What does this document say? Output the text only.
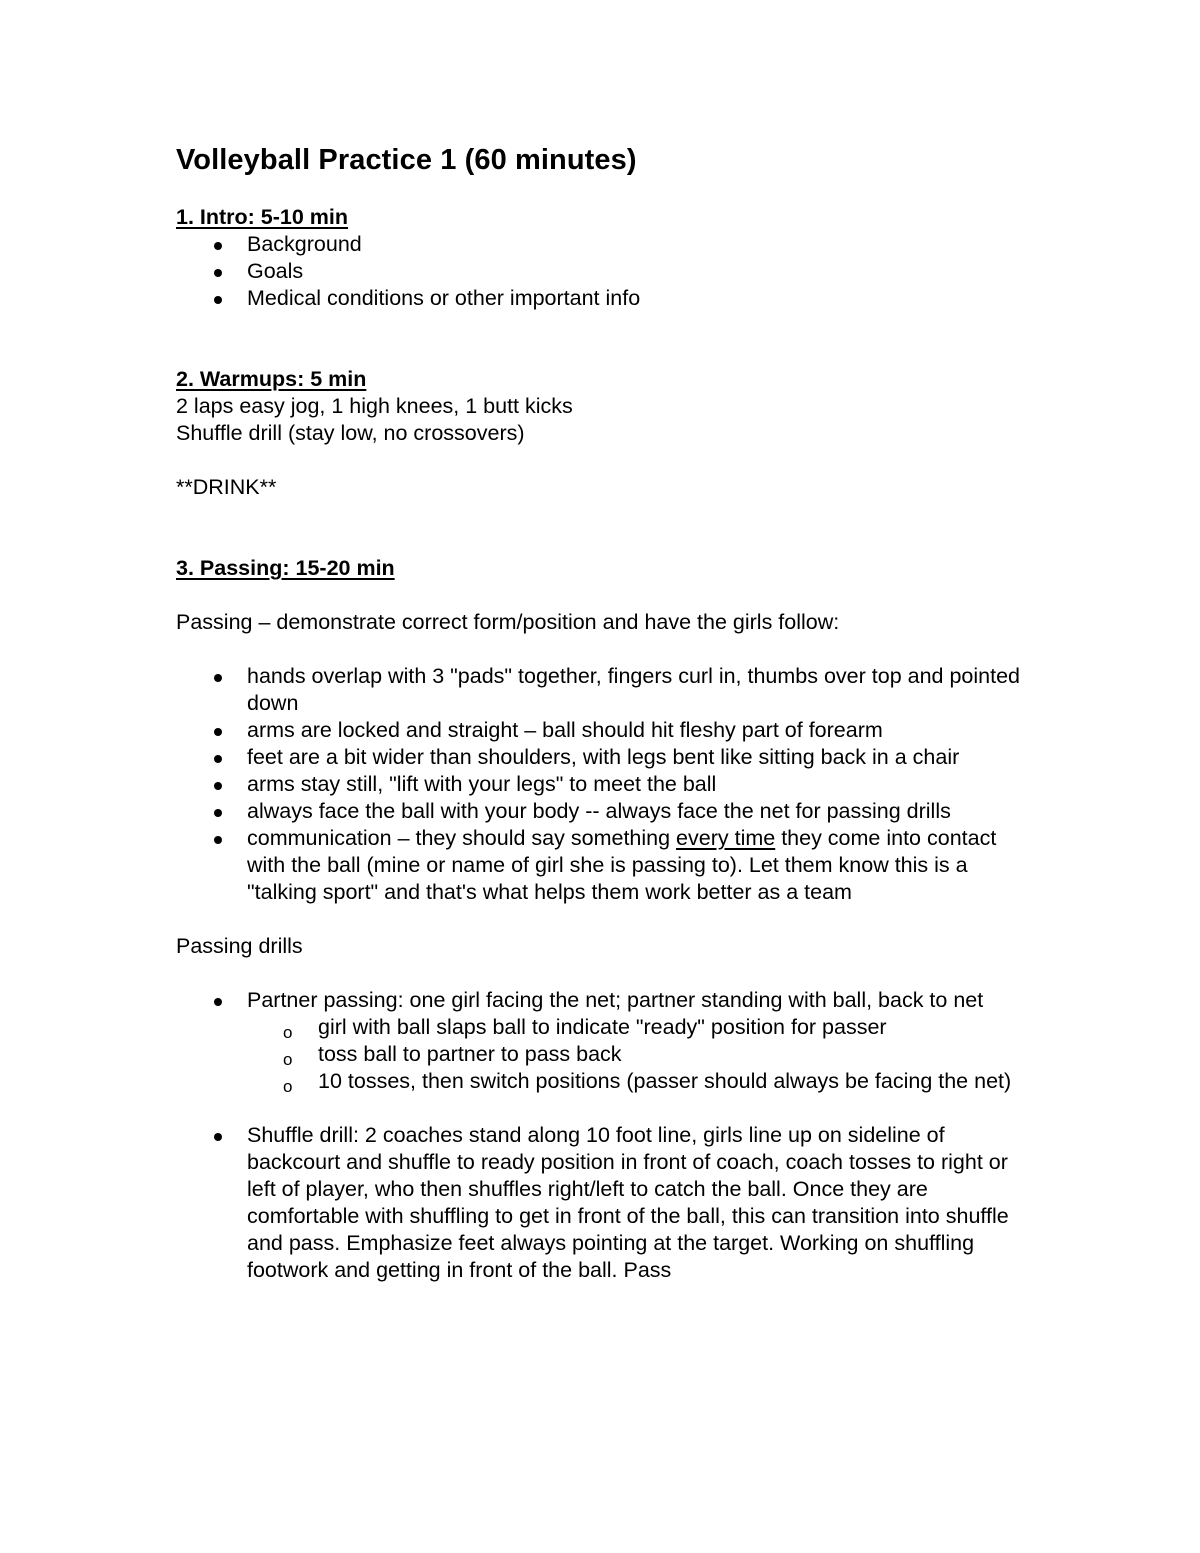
Volleyball Practice 1 (60 minutes)
1. Intro: 5-10 min
Background
Goals
Medical conditions or other important info
2. Warmups: 5 min
2 laps easy jog, 1 high knees, 1 butt kicks
Shuffle drill (stay low, no crossovers)
**DRINK**
3. Passing: 15-20 min
Passing – demonstrate correct form/position and have the girls follow:
hands overlap with 3 "pads" together, fingers curl in, thumbs over top and pointed down
arms are locked and straight – ball should hit fleshy part of forearm
feet are a bit wider than shoulders, with legs bent like sitting back in a chair
arms stay still, "lift with your legs" to meet the ball
always face the ball with your body -- always face the net for passing drills
communication – they should say something every time they come into contact with the ball (mine or name of girl she is passing to). Let them know this is a "talking sport" and that's what helps them work better as a team
Passing drills
Partner passing: one girl facing the net; partner standing with ball, back to net
o girl with ball slaps ball to indicate "ready" position for passer
o toss ball to partner to pass back
o 10 tosses, then switch positions (passer should always be facing the net)
Shuffle drill: 2 coaches stand along 10 foot line, girls line up on sideline of backcourt and shuffle to ready position in front of coach, coach tosses to right or left of player, who then shuffles right/left to catch the ball. Once they are comfortable with shuffling to get in front of the ball, this can transition into shuffle and pass. Emphasize feet always pointing at the target. Working on shuffling footwork and getting in front of the ball. Pass
